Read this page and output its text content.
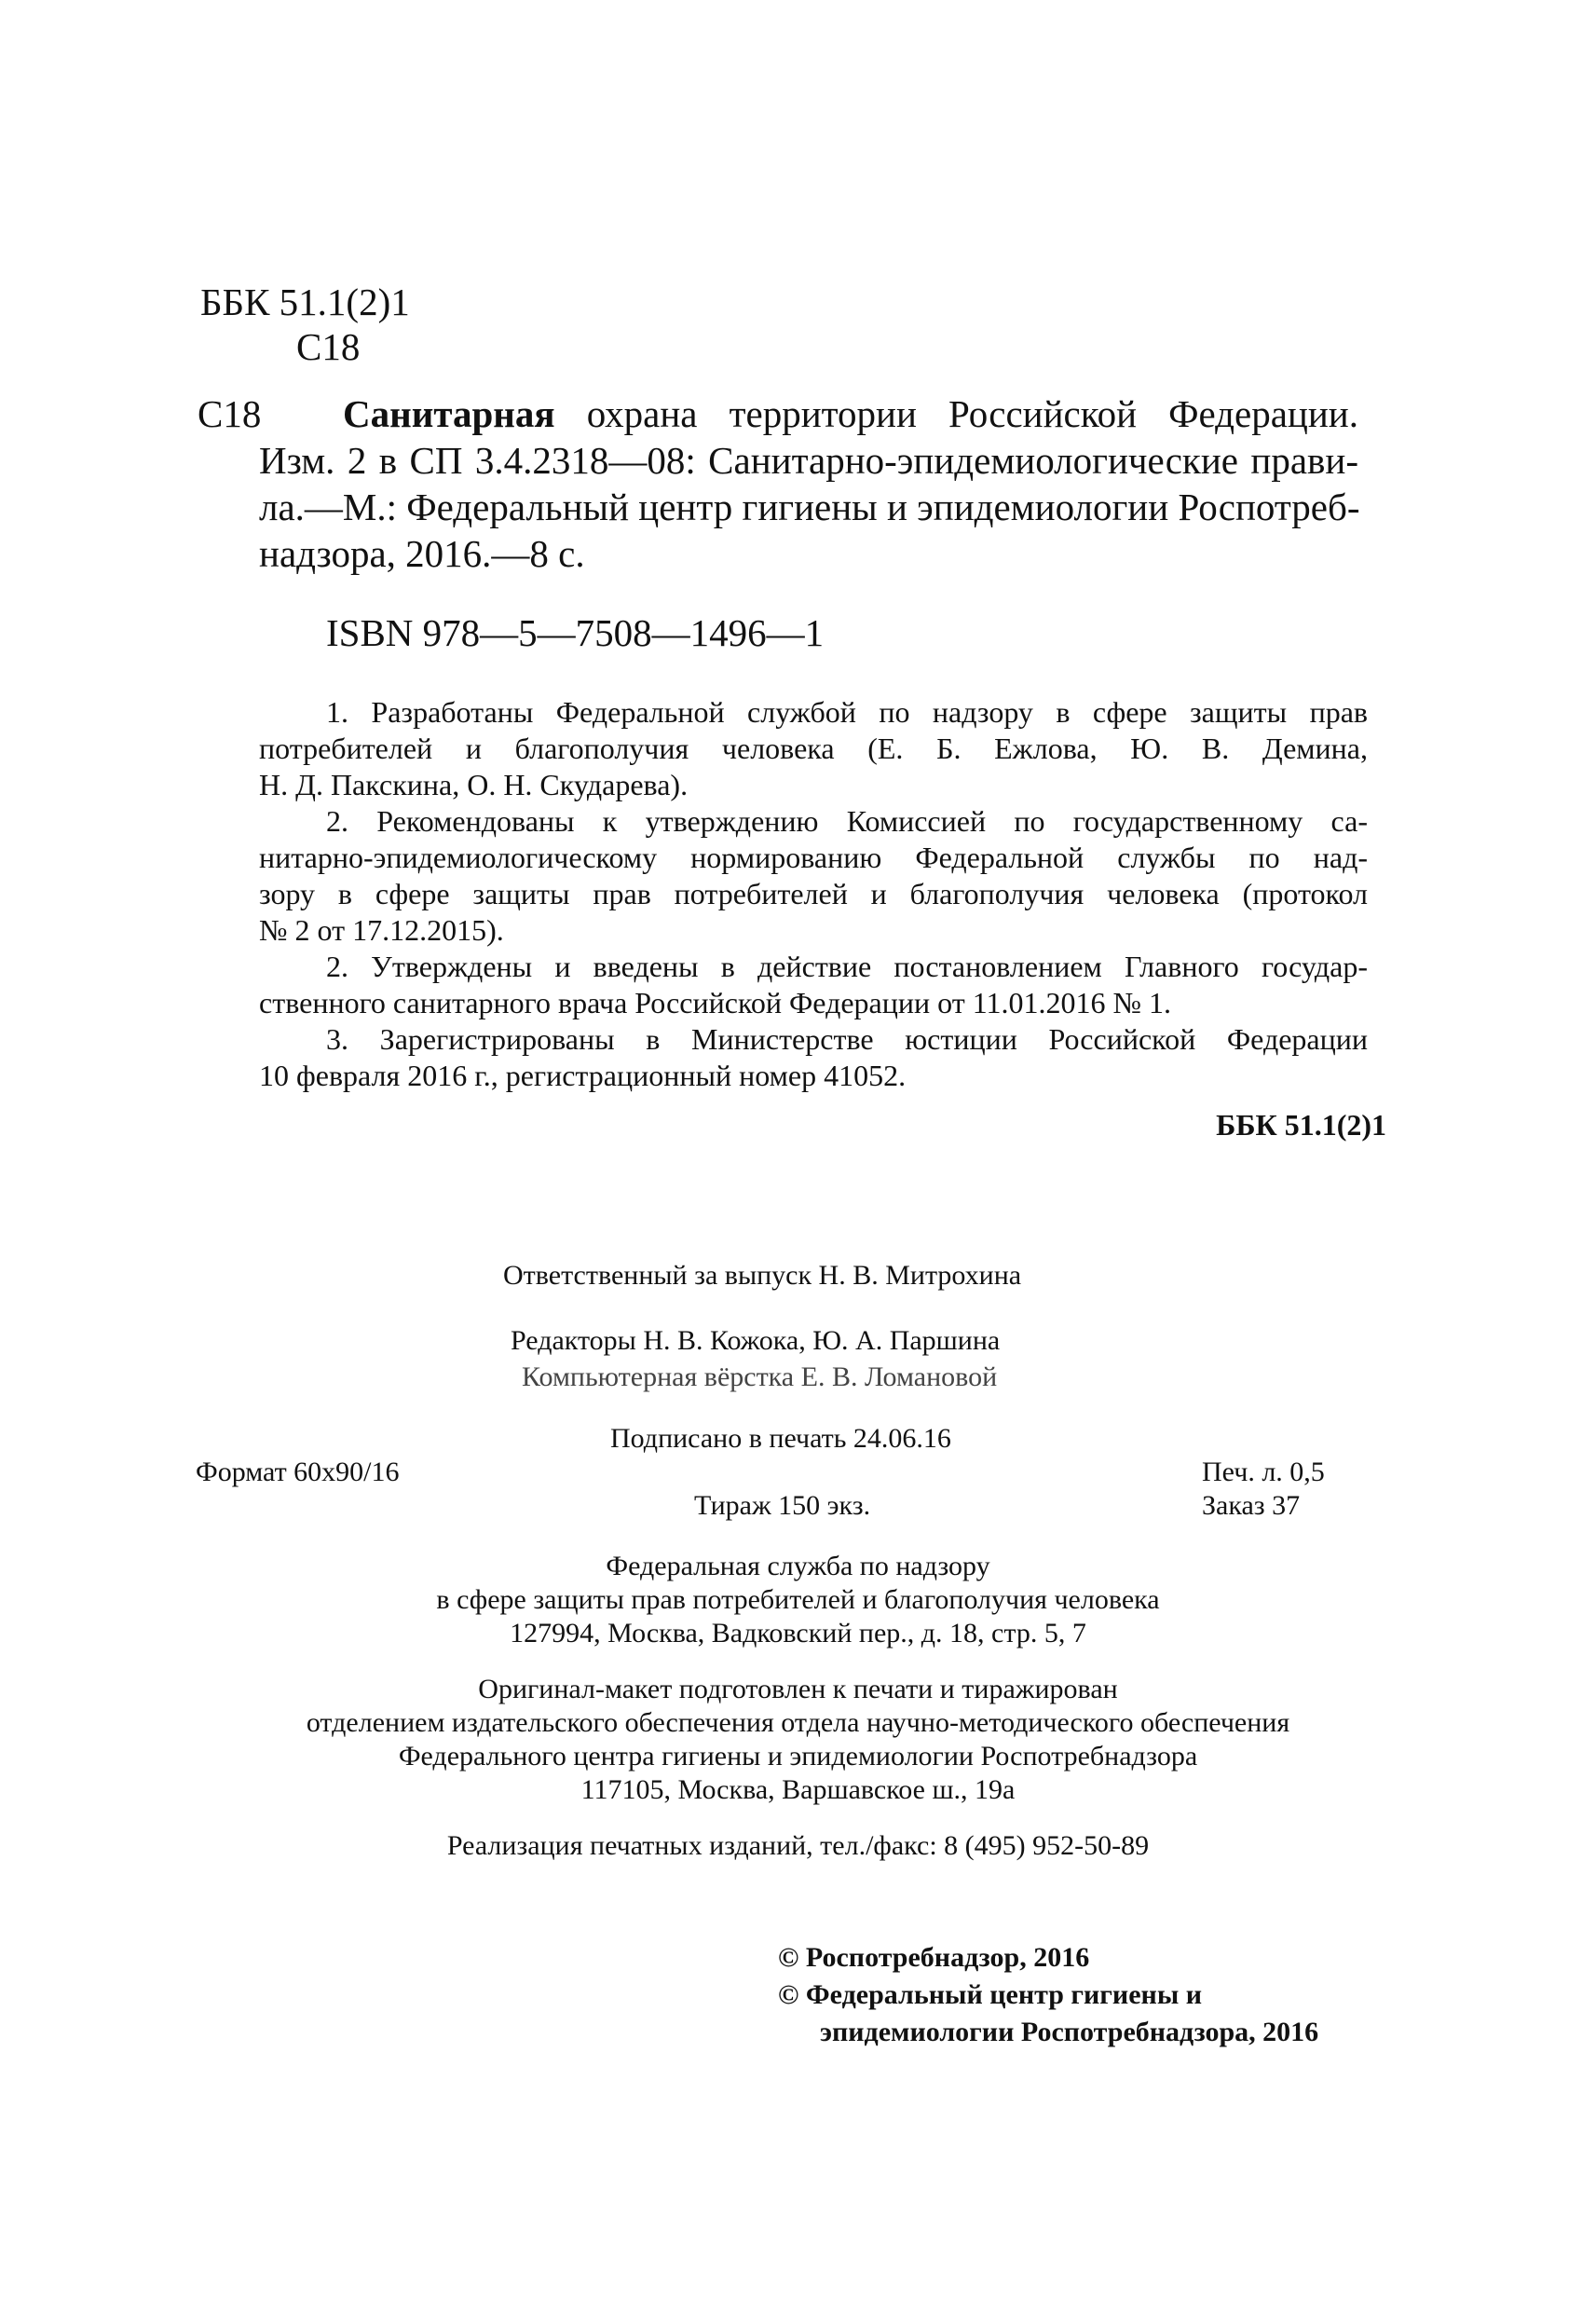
ББК 51.1(2)1
С18
С18 Санитарная охрана территории Российской Федерации.
Изм. 2 в СП 3.4.2318—08: Санитарно-эпидемиологические прави-
ла.—М.: Федеральный центр гигиены и эпидемиологии Роспотреб-
надзора, 2016.—8 с.
ISBN 978—5—7508—1496—1
1. Разработаны Федеральной службой по надзору в сфере защиты прав
потребителей и благополучия человека (Е. Б. Ежлова, Ю. В. Демина,
Н. Д. Пакскина, О. Н. Скударева).
2. Рекомендованы к утверждению Комиссией по государственному са-
нитарно-эпидемиологическому нормированию Федеральной службы по над-
зору в сфере защиты прав потребителей и благополучия человека (протокол
№ 2 от 17.12.2015).
2. Утверждены и введены в действие постановлением Главного государ-
ственного санитарного врача Российской Федерации от 11.01.2016 № 1.
3. Зарегистрированы в Министерстве юстиции Российской Федерации
10 февраля 2016 г., регистрационный номер 41052.
ББК 51.1(2)1
Ответственный за выпуск Н. В. Митрохина
Редакторы Н. В. Кожока, Ю. А. Паршина
Компьютерная вёрстка Е. В. Ломановой
Подписано в печать 24.06.16
Формат 60х90/16	Печ. л. 0,5
Тираж 150 экз.	Заказ 37
Федеральная служба по надзору
в сфере защиты прав потребителей и благополучия человека
127994, Москва, Вадковский пер., д. 18, стр. 5, 7
Оригинал-макет подготовлен к печати и тиражирован
отделением издательского обеспечения отдела научно-методического обеспечения
Федерального центра гигиены и эпидемиологии Роспотребнадзора
117105, Москва, Варшавское ш., 19а
Реализация печатных изданий, тел./факс: 8 (495) 952-50-89
© Роспотребнадзор, 2016
© Федеральный центр гигиены и
эпидемиологии Роспотребнадзора, 2016
